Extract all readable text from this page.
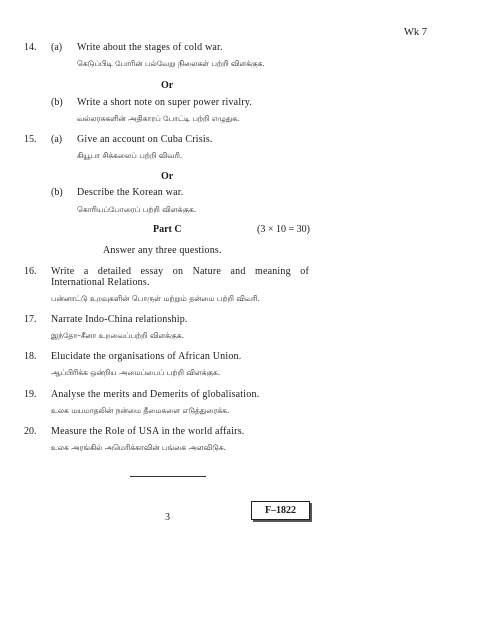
Wk 7
14. (a) Write about the stages of cold war.
கெடுப்பிடி போரின் பல்வேறு நிலைகள் பற்றி விளக்குக.
Or
(b) Write a short note on super power rivalry.
வல்லரசுகளின் அதிகாரப் போட்டி பற்றி எழுதுக.
15. (a) Give an account on Cuba Crisis.
கியூபா சிக்கலைப் பற்றி விவரி.
Or
(b) Describe the Korean war.
கொரியப்போரைப் பற்றி விளக்குக.
Part C	(3 × 10 = 30)
Answer any three questions.
16. Write a detailed essay on Nature and meaning of International Relations.
பன்னாட்டு உறவுகளின் பொருள் மற்றும் தன்மை பற்றி விவரி.
17. Narrate Indo-China relationship.
இந்தோ–சீனா உறவைப்பற்றி விளக்குக.
18. Elucidate the organisations of African Union.
ஆப்பிரிக்க ஒன்றிய அமைப்பைப் பற்றி விளக்குக.
19. Analyse the merits and Demerits of globalisation.
உலக மயமாதலின் நன்மை தீமைகளை எடுத்துரைக்க.
20. Measure the Role of USA in the world affairs.
உலக அரங்கில் அமெரிக்காவின் பங்கை அளவிடுக.
3
F–1822
